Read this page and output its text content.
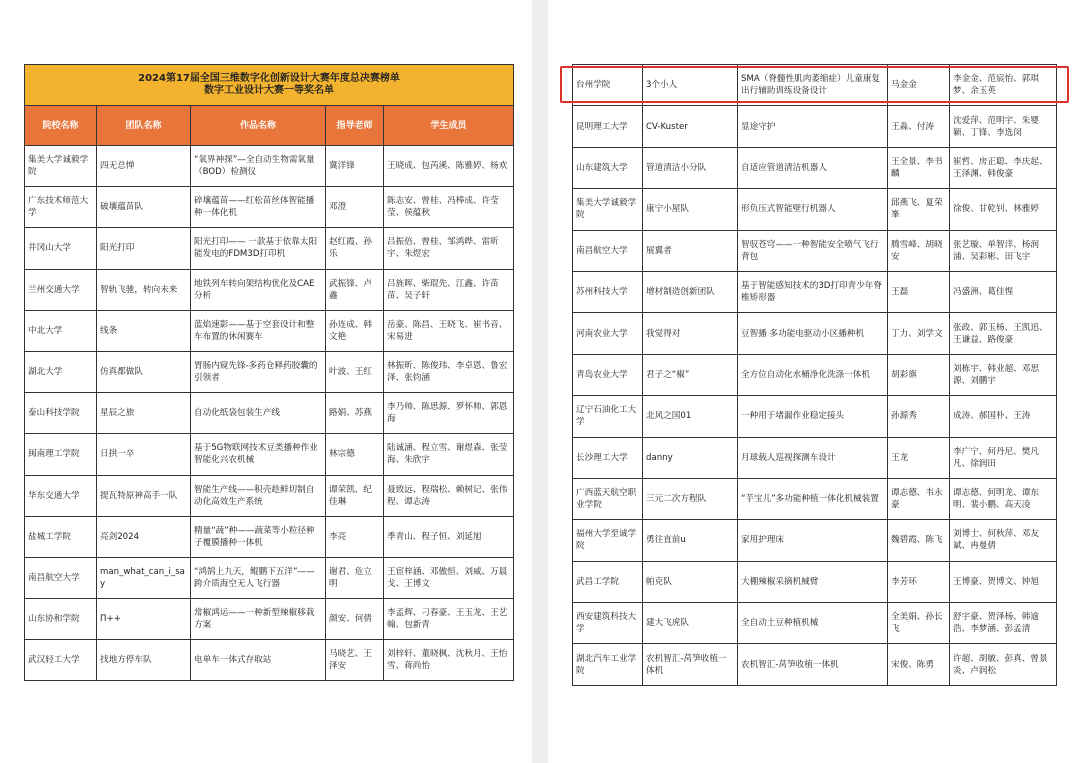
2024第17届全国三维数字化创新设计大赛年度总决赛榜单
数字工业设计大赛一等奖名单				

院校名称	团队名称	作品名称	指导老师	学生成员
集美大学诚毅学院	四无总惮	“氧界神探”—全自动生物需氧量（BOD）检测仪	冀洋锋	王晓成、包芮溪、陈雅婷、杨欢
广东技术师范大学	破壤蕴苗队	碎壤蕴苗——红松苗丝体智能播种一体化机	邓澄	陈志安、曾桂、冯棒成、许莹莹、侯蕴秋
井冈山大学	阳光打印	阳光打印—— 一款基于依靠太阳能发电的FDM3D打印机	赵红霞、孙乐	吕振倍、曾桂、邹鸿晔、雷昕宇、朱煜宏
兰州交通大学	智轨飞驰，转向未来	地铁列车转向架结构优化及CAE分析	武振锋、卢鑫	吕旌晖、柴琨先、江鑫、许苗苗、吴子轩
中北大学	线条	蓝焰速影——基于空套设计和整车布置的休闲赛车	孙连成、韩文艳	岳豪、陈昌、王晓飞、崔书音、宋易进
湖北大学	仿真都做队	胃肠内窥先锋-多药仓释药胶囊的引领者	叶波、王红	林振昕、陈俊玮、李卓恩、鲁宏泽、张钧涵
泰山科技学院	星辰之旅	自动化纸袋包装生产线	路娟、苏燕	李乃帅、陈思源、罗怀帅、郭恩海
闽南理工学院	日拱一卒	基于5G物联网技术豆类播种作业智能化兴农机械	林宗德	陆诚涵、程立雪、谢煜森、张莹海、朱欣宇
华东交通大学	提瓦特原神高手一队	智能生产线——积壳趁鲜切制自动化高效生产系统	谭荣凯、纪佳琳	聂致远、程瑞松、赖树记、张伟程、谭志涛
盐城工学院	亮剑2024	精量“蔬”种——蔬菜等小粒径种子覆膜播种一体机	李亮	季青山、程子恒、刘延旭
南昌航空大学	man_what_can_i_say	“鸿鹄上九天，鲲鹏下五洋”——跨介质海空无人飞行器	谢君、危立明	王宦梓涵、邓傲恒、刘威、万晨戈、王博文
山东协和学院	Π++	常椒鸿运——一种新型辣椒移栽方案	颜安、何倩	李孟辉、刁春豪、王玉龙、王艺翰、包新青
武汉轻工大学	找地方停车队	电单车一体式存取站	马晓艺、王泽安	刘梓轩、董晓枫、沈秋月、王怡雪、蒋尚怡
台州学院	3个小人	SMA（脊髓性肌肉萎缩症）儿童康复出行辅助训练设备设计	马金金	李金金、范宸怡、郭琪梦、余玉英
昆明理工大学	CV-Kuster	显途守护	王淼、付涛	沈爱萍、范明宇、朱婴颖、丁锋、李选闵
山东建筑大学	管道清洁小分队	自适应管道清洁机器人	王全景、李书麟	崔哲、房正聪、李庆起、王泽渊、韩俊豪
集美大学诚毅学院	康宁小屋队	形负压式智能壁行机器人	邱燕飞、夏荣峯	徐俊、甘乾钊、林雅婷
南昌航空大学	展翼者	智驭苍穹——一种智能安全喷气飞行背包	腾雪峰、胡晓安	张艺璇、单智洋、杨润浦、吴彩彬、田飞宇
苏州科技大学	增材制造创新团队	基于智能感知技术的3D打印青少年脊椎矫形器	王磊	冯盛洲、葛佳惺
河南农业大学	我觉得对	豆智播 多功能电驱动小区播种机	丁力、刘学文	张政、郭玉杨、王凯迅、王谦益、路俊豪
青岛农业大学	君子之“椒”	全方位自动化水桶净化洗涤一体机	胡彩旗	刘栋宇、韩业超、邓思源、刘鹏宇
辽宁石油化工大学	北风之国01	一种用于堵漏作业稳定接头	孙源秀	成涛、郝国朴、王涛
长沙理工大学	danny	月球载人巡视探测车设计	王龙	李广宁、何丹尼、樊凡凡、徐润田
广西蓝天航空职业学院	三元二次方程队	“芋宝儿”多功能种植一体化机械装置	谭志德、韦永豪	谭志德、何明龙、谭东明、裴小鹏、高天凌
福州大学至诚学院	勇往直前u	家用护理床	魏碧霞、陈飞	刘博士、何秋萍、邓友斌、冉曼倩
武昌工学院	帕克队	大棚辣椒采摘机械臂	李芳环	王博豪、贺博文、钟旭
西安建筑科技大学	建大飞虎队	全自动土豆种植机械	全美娟、孙长飞	舒宇豪、贺泽杨、韩逾浩、李梦涵、彭孟清
湖北汽车工业学院	农机智汇-莴笋收植一体机	农机智汇-莴笋收植一体机	宋俊、陈勇	许超、胡敏、彭真、曾景炎、卢润松
